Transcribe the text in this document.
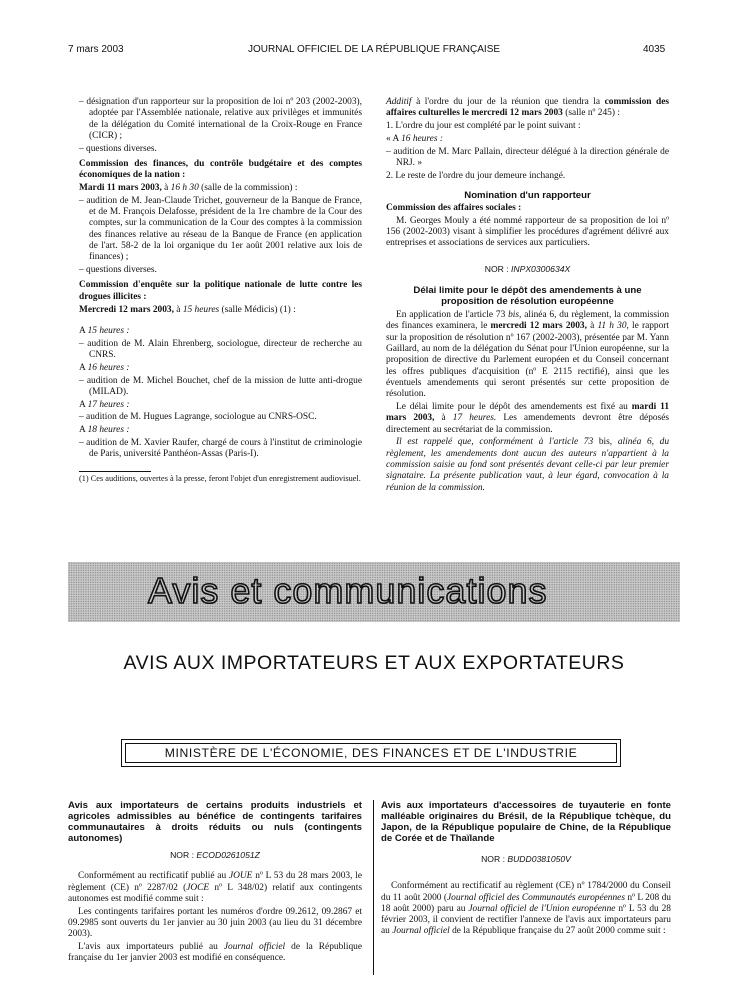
7 mars 2003	JOURNAL OFFICIEL DE LA RÉPUBLIQUE FRANÇAISE	4035

– désignation d'un rapporteur sur la proposition de loi nº 203 (2002-2003), adoptée par l'Assemblée nationale, relative aux privilèges et immunités de la délégation du Comité international de la Croix-Rouge en France (CICR) ;

– questions diverses.

Commission des finances, du contrôle budgétaire et des comptes économiques de la nation :

Mardi 11 mars 2003, à 16 h 30 (salle de la commission) :

– audition de M. Jean-Claude Trichet, gouverneur de la Banque de France, et de M. François Delafosse, président de la 1re chambre de la Cour des comptes, sur la communication de la Cour des comptes à la commission des finances relative au réseau de la Banque de France (en application de l'art. 58-2 de la loi organique du 1er août 2001 relative aux lois de finances) ;

– questions diverses.

Commission d'enquête sur la politique nationale de lutte contre les drogues illicites :

Mercredi 12 mars 2003, à 15 heures (salle Médicis) (1) :

A 15 heures :

– audition de M. Alain Ehrenberg, sociologue, directeur de recherche au CNRS.

A 16 heures :

– audition de M. Michel Bouchet, chef de la mission de lutte anti-drogue (MILAD).

A 17 heures :

– audition de M. Hugues Lagrange, sociologue au CNRS-OSC.

A 18 heures :

– audition de M. Xavier Raufer, chargé de cours à l'institut de criminologie de Paris, université Panthéon-Assas (Paris-I).

(1) Ces auditions, ouvertes à la presse, feront l'objet d'un enregistrement audiovisuel.

Additif à l'ordre du jour de la réunion que tiendra la commission des affaires culturelles le mercredi 12 mars 2003 (salle nº 245) :

1. L'ordre du jour est complété par le point suivant :

« A 16 heures :

– audition de M. Marc Pallain, directeur délégué à la direction générale de NRJ. »

2. Le reste de l'ordre du jour demeure inchangé.

Nomination d'un rapporteur

Commission des affaires sociales :

M. Georges Mouly a été nommé rapporteur de sa proposition de loi nº 156 (2002-2003) visant à simplifier les procédures d'agrément délivré aux entreprises et associations de services aux particuliers.

NOR : INPX0300634X

Délai limite pour le dépôt des amendements à une proposition de résolution européenne

En application de l'article 73 bis, alinéa 6, du règlement, la commission des finances examinera, le mercredi 12 mars 2003, à 11 h 30, le rapport sur la proposition de résolution nº 167 (2002-2003), présentée par M. Yann Gaillard, au nom de la délégation du Sénat pour l'Union européenne, sur la proposition de directive du Parlement européen et du Conseil concernant les offres publiques d'acquisition (nº E 2115 rectifié), ainsi que les éventuels amendements qui seront présentés sur cette proposition de résolution.

Le délai limite pour le dépôt des amendements est fixé au mardi 11 mars 2003, à 17 heures. Les amendements devront être déposés directement au secrétariat de la commission.

Il est rappelé que, conformément à l'article 73 bis, alinéa 6, du règlement, les amendements dont aucun des auteurs n'appartient à la commission saisie au fond sont présentés devant celle-ci par leur premier signataire. La présente publication vaut, à leur égard, convocation à la réunion de la commission.

Avis et communications
AVIS AUX IMPORTATEURS ET AUX EXPORTATEURS
MINISTÈRE DE L'ÉCONOMIE, DES FINANCES ET DE L'INDUSTRIE

Avis aux importateurs de certains produits industriels et agricoles admissibles au bénéfice de contingents tarifaires communautaires à droits réduits ou nuls (contingents autonomes)

NOR : ECOD0261051Z

Conformément au rectificatif publié au JOUE nº L 53 du 28 mars 2003, le règlement (CE) nº 2287/02 (JOCE nº L 348/02) relatif aux contingents autonomes est modifié comme suit :

Les contingents tarifaires portant les numéros d'ordre 09.2612, 09.2867 et 09.2985 sont ouverts du 1er janvier au 30 juin 2003 (au lieu du 31 décembre 2003).

L'avis aux importateurs publié au Journal officiel de la République française du 1er janvier 2003 est modifié en conséquence.

Avis aux importateurs d'accessoires de tuyauterie en fonte malléable originaires du Brésil, de la République tchèque, du Japon, de la République populaire de Chine, de la République de Corée et de Thaïlande

NOR : BUDD0381050V

Conformément au rectificatif au règlement (CE) nº 1784/2000 du Conseil du 11 août 2000 (Journal officiel des Communautés européennes nº L 208 du 18 août 2000) paru au Journal officiel de l'Union européenne nº L 53 du 28 février 2003, il convient de rectifier l'annexe de l'avis aux importateurs paru au Journal officiel de la République française du 27 août 2000 comme suit :
